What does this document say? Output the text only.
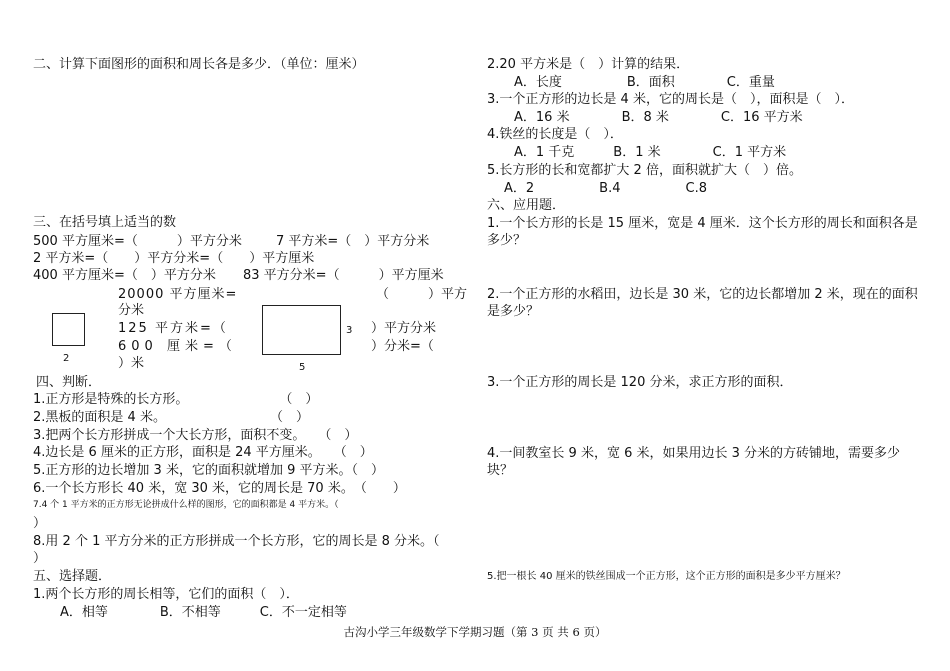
二、计算下面图形的面积和周长各是多少．（单位：厘米）
三、在括号填上适当的数
500 平方厘米=（　　　）平方分米	7 平方米=（　）平方分米
2 平方米=（　　）平方分米=（　　）平方厘米
400 平方厘米=（　）平方分米 83 平方分米=（　　　）平方厘米
20000 平方厘米=	（　　　）平方
分米
125 平方米=（	）平方分米
600 厘米=（	）分米=（
）米
2
3
5
四、判断．
1.正方形是特殊的长方形。　　　　　　　　（　）
2.黑板的面积是 4 米。　　　　　　　　　（　）
3.把两个长方形拼成一个大长方形，面积不变。　　（　）
4.边长是 6 厘米的正方形，面积是 24 平方厘米。　　（　）
5.正方形的边长增加 3 米，它的面积就增加 9 平方米。（　）
6.一个长方形长 40 米，宽 30 米，它的周长是 70 米。　（　　）
7.4 个 1 平方米的正方形无论拼成什么样的图形，它的面积都是 4 平方米。（
）
8.用 2 个 1 平方分米的正方形拼成一个长方形，它的周长是 8 分米。（
）
五、选择题．
1.两个长方形的周长相等，它们的面积（　）．
A．相等　　　　B．不相等　　　C．不一定相等
2.20 平方米是（　）计算的结果．
A．长度　　　　　B．面积　　　　C．重量
3.一个正方形的边长是 4 米，它的周长是（　），面积是（　）．
A．16 米　　　　B．8 米　　　　C．16 平方米
4.铁丝的长度是（　）．
A．1 千克　　　B．1 米　　　　C．1 平方米
5.长方形的长和宽都扩大 2 倍，面积就扩大（　）倍。
A．2　　　　　B.4　　　　　C.8
六、应用题．
1.一个长方形的长是 15 厘米，宽是 4 厘米．这个长方形的周长和面积各是多少？
2.一个正方形的水稻田，边长是 30 米，它的边长都增加 2 米，现在的面积是多少？
3.一个正方形的周长是 120 分米，求正方形的面积．
4.一间教室长 9 米，宽 6 米，如果用边长 3 分米的方砖铺地，需要多少块？
5.把一根长 40 厘米的铁丝围成一个正方形，这个正方形的面积是多少平方厘米？
古沟小学三年级数学下学期习题（第 3 页 共 6 页）
